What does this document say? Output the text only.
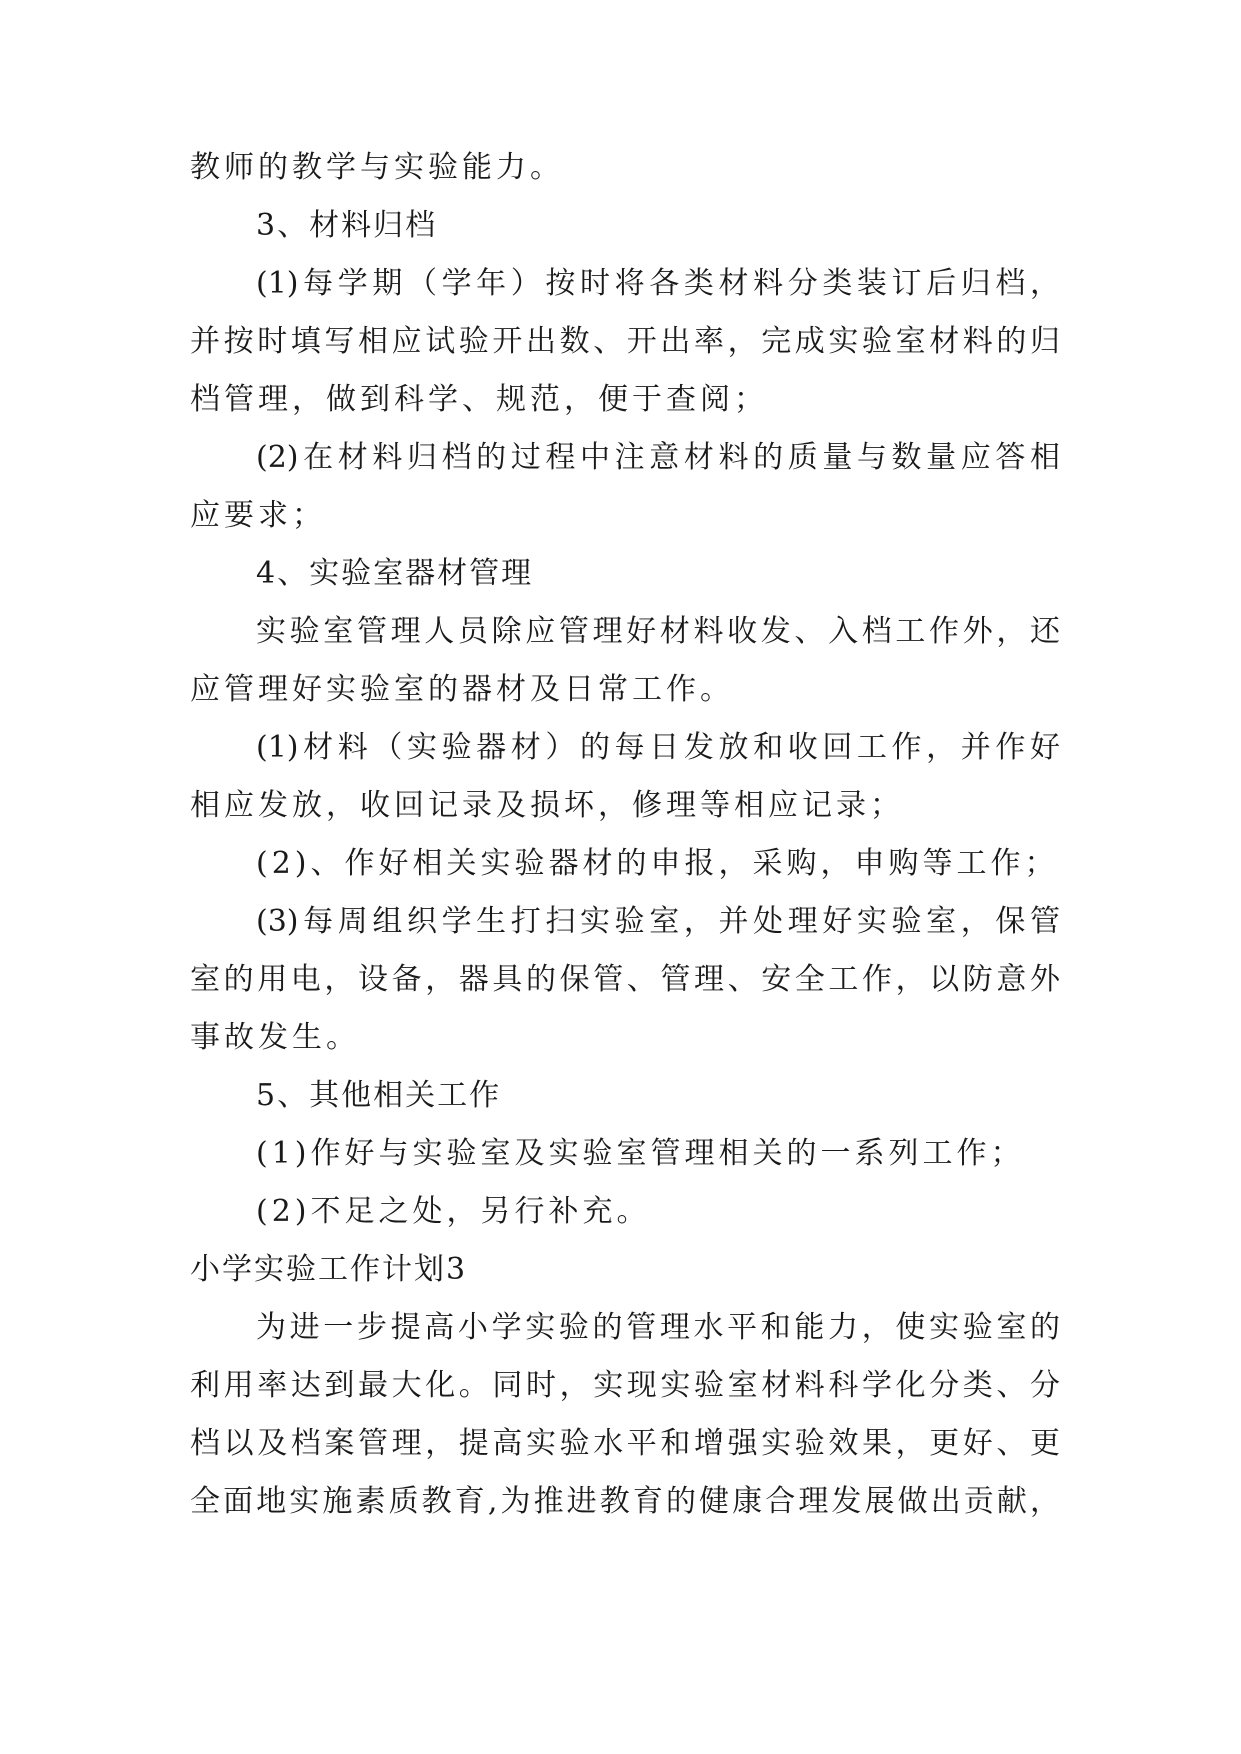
教师的教学与实验能力。
3、材料归档
(1)每学期（学年）按时将各类材料分类装订后归档，
并按时填写相应试验开出数、开出率，完成实验室材料的归
档管理，做到科学、规范，便于查阅；
(2)在材料归档的过程中注意材料的质量与数量应答相
应要求；
4、实验室器材管理
实验室管理人员除应管理好材料收发、入档工作外，还
应管理好实验室的器材及日常工作。
(1)材料（实验器材）的每日发放和收回工作，并作好
相应发放，收回记录及损坏，修理等相应记录；
(2)、作好相关实验器材的申报，采购，申购等工作；
(3)每周组织学生打扫实验室，并处理好实验室，保管
室的用电，设备，器具的保管、管理、安全工作，以防意外
事故发生。
5、其他相关工作
(1)作好与实验室及实验室管理相关的一系列工作；
(2)不足之处，另行补充。
小学实验工作计划3
为进一步提高小学实验的管理水平和能力，使实验室的
利用率达到最大化。同时，实现实验室材料科学化分类、分
档以及档案管理，提高实验水平和增强实验效果，更好、更
全面地实施素质教育,为推进教育的健康合理发展做出贡献，
